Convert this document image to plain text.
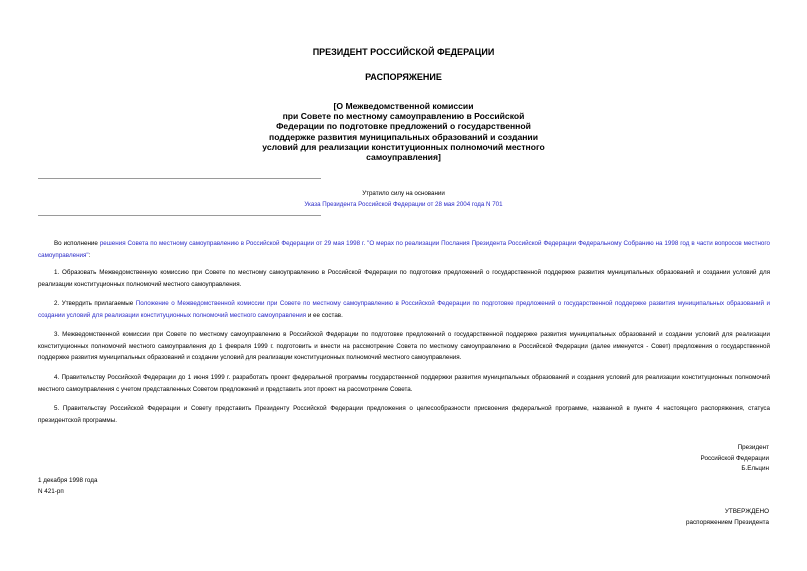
ПРЕЗИДЕНТ РОССИЙСКОЙ ФЕДЕРАЦИИ
РАСПОРЯЖЕНИЕ
[О Межведомственной комиссии
при Совете по местному самоуправлению в Российской
Федерации по подготовке предложений о государственной
поддержке развития муниципальных образований и создании
условий для реализации конституционных полномочий местного
самоуправления]
Утратило силу на основании
Указа Президента Российской Федерации от 28 мая 2004 года N 701

Во исполнение решения Совета по местному самоуправлению в Российской Федерации от 29 мая 1998 г. "О мерах по реализации Послания Президента Российской Федерации Федеральному Собранию на 1998 год в части вопросов местного самоуправления":

1. Образовать Межведомственную комиссию при Совете по местному самоуправлению в Российской Федерации по подготовке предложений о государственной поддержке развития муниципальных образований и создании условий для реализации конституционных полномочий местного самоуправления.

2. Утвердить прилагаемые Положение о Межведомственной комиссии при Совете по местному самоуправлению в Российской Федерации по подготовке предложений о государственной поддержке развития муниципальных образований и создании условий для реализации конституционных полномочий местного самоуправления и ее состав.

3. Межведомственной комиссии при Совете по местному самоуправлению в Российской Федерации по подготовке предложений о государственной поддержке развития муниципальных образований и создании условий для реализации конституционных полномочий местного самоуправления до 1 февраля 1999 г. подготовить и внести на рассмотрение Совета по местному самоуправлению в Российской Федерации (далее именуется - Совет) предложения о государственной поддержке развития муниципальных образований и создании условий для реализации конституционных полномочий местного самоуправления.

4. Правительству Российской Федерации до 1 июня 1999 г. разработать проект федеральной программы государственной поддержки развития муниципальных образований и создания условий для реализации конституционных полномочий местного самоуправления с учетом представленных Советом предложений и представить этот проект на рассмотрение Совета.

5. Правительству Российской Федерации и Совету представить Президенту Российской Федерации предложения о целесообразности присвоения федеральной программе, названной в пункте 4 настоящего распоряжения, статуса президентской программы.

Президент
Российской Федерации
Б.Ельцин
1 декабря 1998 года
N 421-рп
УТВЕРЖДЕНО
распоряжением Президента
